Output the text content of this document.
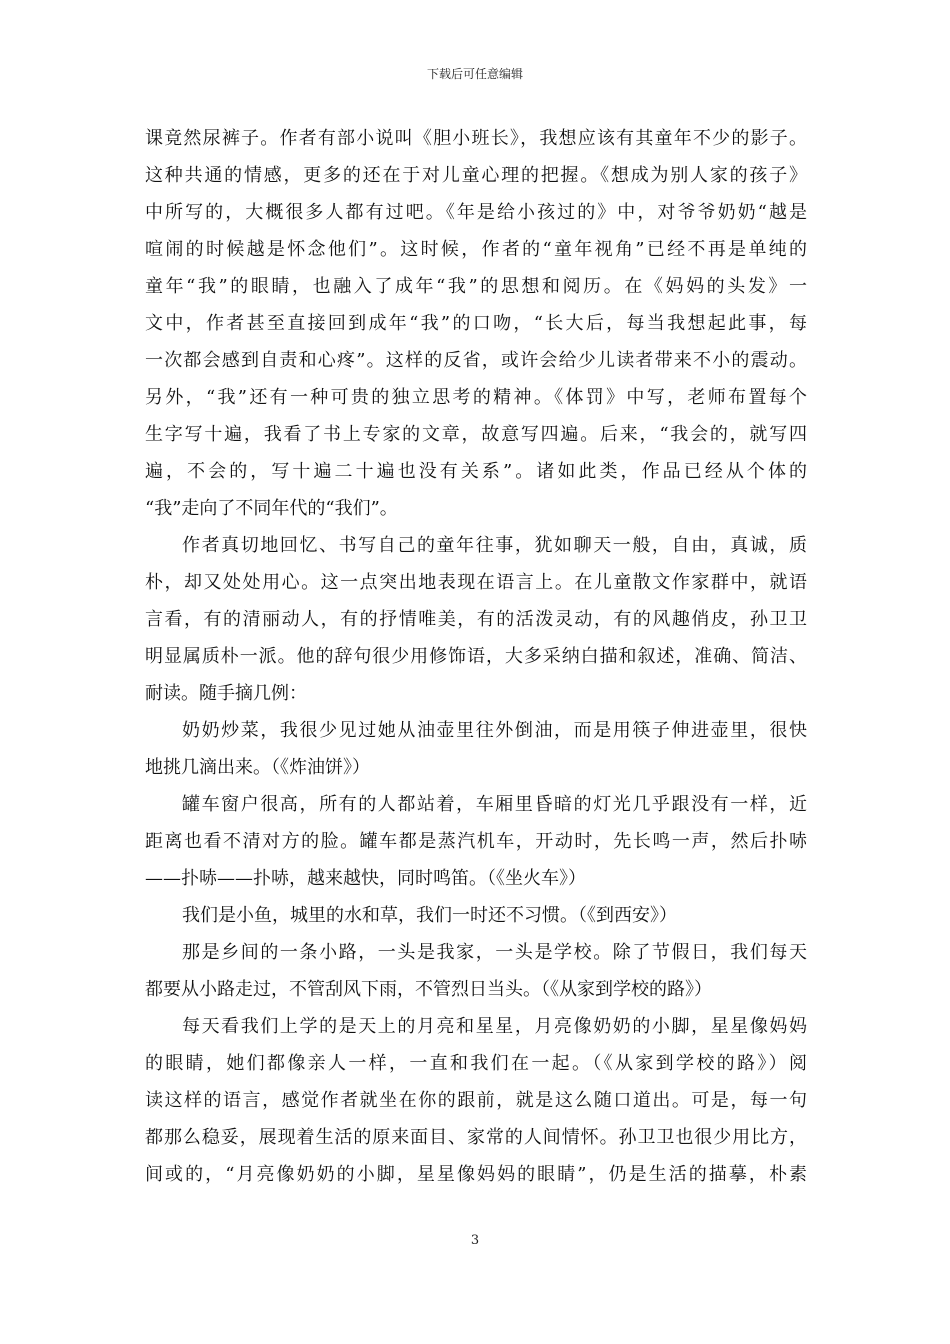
下载后可任意编辑
课竟然尿裤子。作者有部小说叫《胆小班长》，我想应该有其童年不少的影子。
这种共通的情感，更多的还在于对儿童心理的把握。《想成为别人家的孩子》
中所写的，大概很多人都有过吧。《年是给小孩过的》中，对爷爷奶奶“越是
喧闹的时候越是怀念他们”。这时候，作者的“童年视角”已经不再是单纯的
童年“我”的眼睛，也融入了成年“我”的思想和阅历。在《妈妈的头发》一
文中，作者甚至直接回到成年“我”的口吻，“长大后，每当我想起此事，每
一次都会感到自责和心疼”。这样的反省，或许会给少儿读者带来不小的震动。
另外，“我”还有一种可贵的独立思考的精神。《体罚》中写，老师布置每个
生字写十遍，我看了书上专家的文章，故意写四遍。后来，“我会的，就写四
遍，不会的，写十遍二十遍也没有关系”。诸如此类，作品已经从个体的
“我”走向了不同年代的“我们”。
作者真切地回忆、书写自己的童年往事，犹如聊天一般，自由，真诚，质
朴，却又处处用心。这一点突出地表现在语言上。在儿童散文作家群中，就语
言看，有的清丽动人，有的抒情唯美，有的活泼灵动，有的风趣俏皮，孙卫卫
明显属质朴一派。他的辞句很少用修饰语，大多采纳白描和叙述，准确、简洁、
耐读。随手摘几例：
奶奶炒菜，我很少见过她从油壶里往外倒油，而是用筷子伸进壶里，很快
地挑几滴出来。（《炸油饼》）
罐车窗户很高，所有的人都站着，车厢里昏暗的灯光几乎跟没有一样，近
距离也看不清对方的脸。罐车都是蒸汽机车，开动时，先长鸣一声，然后扑哧
——扑哧——扑哧，越来越快，同时鸣笛。（《坐火车》）
我们是小鱼，城里的水和草，我们一时还不习惯。（《到西安》）
那是乡间的一条小路，一头是我家，一头是学校。除了节假日，我们每天
都要从小路走过，不管刮风下雨，不管烈日当头。（《从家到学校的路》）
每天看我们上学的是天上的月亮和星星，月亮像奶奶的小脚，星星像妈妈
的眼睛，她们都像亲人一样，一直和我们在一起。（《从家到学校的路》）阅
读这样的语言，感觉作者就坐在你的跟前，就是这么随口道出。可是，每一句
都那么稳妥，展现着生活的原来面目、家常的人间情怀。孙卫卫也很少用比方，
间或的，“月亮像奶奶的小脚，星星像妈妈的眼睛”，仍是生活的描摹，朴素
3
